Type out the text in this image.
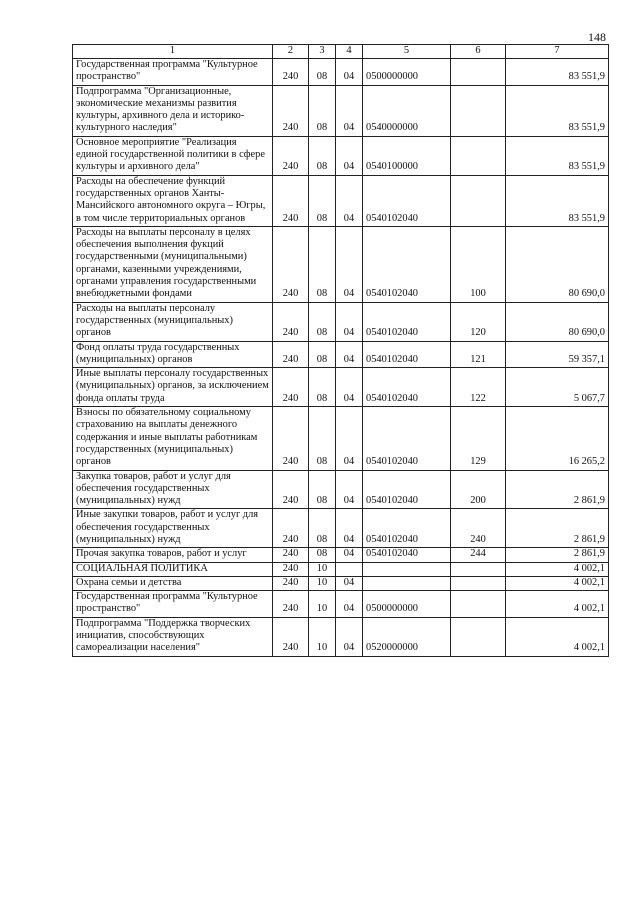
148
1	2	3	4	5	6	7
Государственная программа "Культурное пространство"	240	08	04	0500000000		83 551,9
Подпрограмма "Организационные, экономические механизмы развития культуры, архивного дела и историко-культурного наследия"	240	08	04	0540000000		83 551,9
Основное мероприятие "Реализация единой государственной политики в сфере культуры и архивного дела"	240	08	04	0540100000		83 551,9
Расходы на обеспечение функций государственных органов Ханты-Мансийского автономного округа – Югры, в том числе территориальных органов	240	08	04	0540102040		83 551,9
Расходы на выплаты персоналу в целях обеспечения выполнения фукций государственными (муниципальными) органами, казенными учреждениями, органами управления государственными внебюджетными фондами	240	08	04	0540102040	100	80 690,0
Расходы на выплаты персоналу государственных (муниципальных) органов	240	08	04	0540102040	120	80 690,0
Фонд оплаты труда государственных (муниципальных) органов	240	08	04	0540102040	121	59 357,1
Иные выплаты персоналу государственных (муниципальных) органов, за исключением фонда оплаты труда	240	08	04	0540102040	122	5 067,7
Взносы по обязательному социальному страхованию на выплаты денежного содержания и иные выплаты работникам государственных (муниципальных) органов	240	08	04	0540102040	129	16 265,2
Закупка товаров, работ и услуг для обеспечения государственных (муниципальных) нужд	240	08	04	0540102040	200	2 861,9
Иные закупки товаров, работ и услуг для обеспечения государственных (муниципальных) нужд	240	08	04	0540102040	240	2 861,9
Прочая закупка товаров, работ и услуг	240	08	04	0540102040	244	2 861,9
СОЦИАЛЬНАЯ ПОЛИТИКА	240	10				4 002,1
Охрана семьи и детства	240	10	04			4 002,1
Государственная программа "Культурное пространство"	240	10	04	0500000000		4 002,1
Подпрограмма "Поддержка творческих инициатив, способствующих самореализации населения"	240	10	04	0520000000		4 002,1
